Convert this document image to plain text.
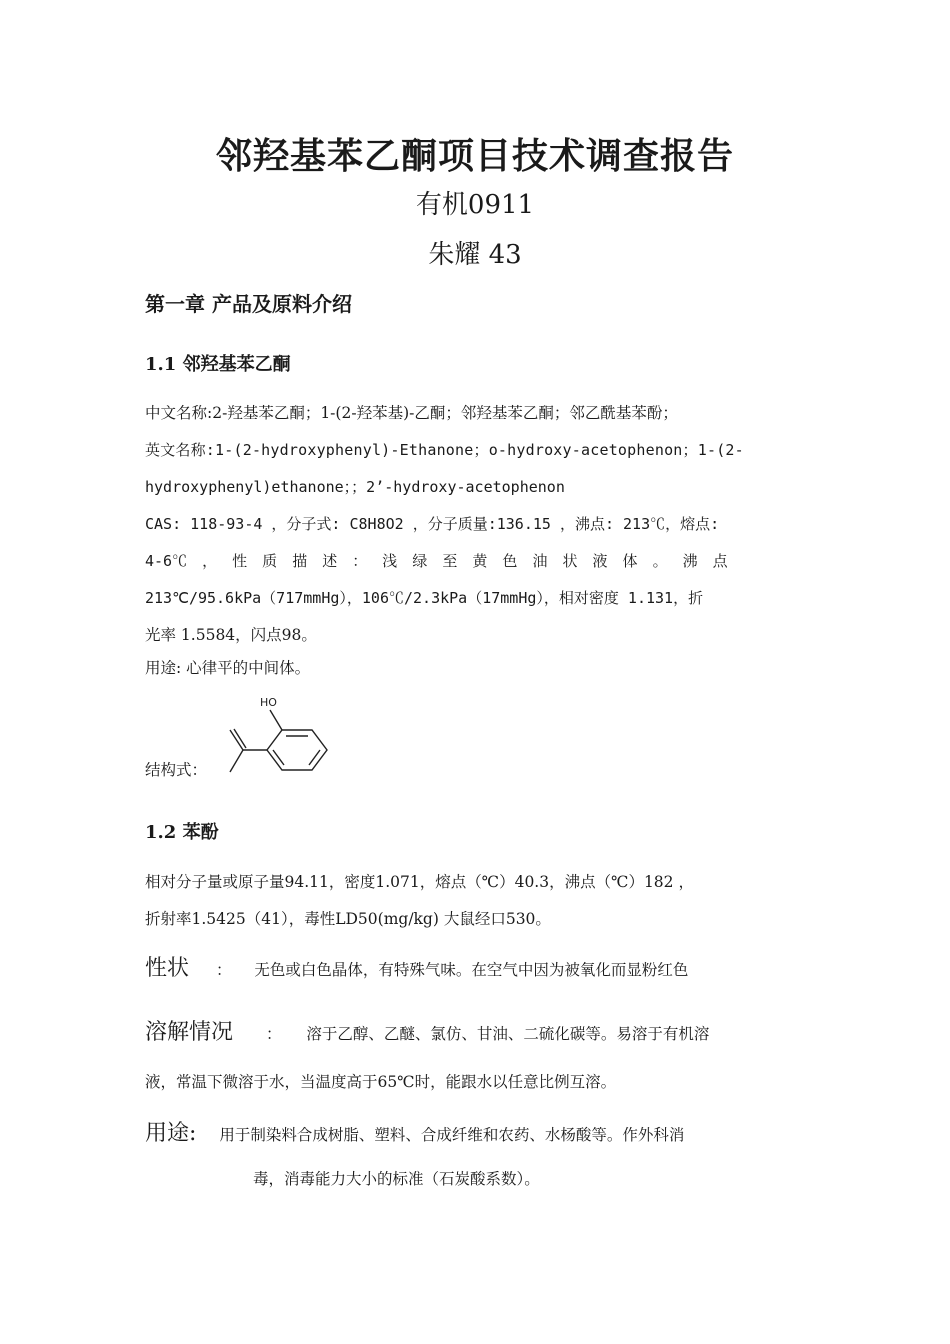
邻羟基苯乙酮项目技术调查报告
有机0911
朱耀 43
第一章 产品及原料介绍
1.1 邻羟基苯乙酮
中文名称:2-羟基苯乙酮；1-(2-羟苯基)-乙酮；邻羟基苯乙酮；邻乙酰基苯酚；
英文名称:1-(2-hydroxyphenyl)-Ethanone；o-hydroxy-acetophenon；1-(2-
hydroxyphenyl)ethanone；；2’-hydroxy-acetophenon
CAS: 118-93-4 ，分子式: C8H8O2 ，分子质量:136.15 ，沸点: 213℃，熔点:
4-6℃ ， 性 质 描 述 ： 浅 绿 至 黄 色 油 状 液 体 。 沸 点
213℃/95.6kPa（717mmHg），106℃/2.3kPa（17mmHg），相对密度 1.131，折
光率 1.5584，闪点98。
用途: 心律平的中间体。
结构式：
HO
1.2 苯酚
相对分子量或原子量94.11，密度1.071，熔点（℃）40.3，沸点（℃）182 ，
折射率1.5425（41），毒性LD50(mg/kg) 大鼠经口530。
性状 ： 无色或白色晶体，有特殊气味。在空气中因为被氧化而显粉红色
溶解情况 ： 溶于乙醇、乙醚、氯仿、甘油、二硫化碳等。易溶于有机溶
液，常温下微溶于水，当温度高于65℃时，能跟水以任意比例互溶。
用途: 用于制染料合成树脂、塑料、合成纤维和农药、水杨酸等。作外科消
毒，消毒能力大小的标准（石炭酸系数）。
